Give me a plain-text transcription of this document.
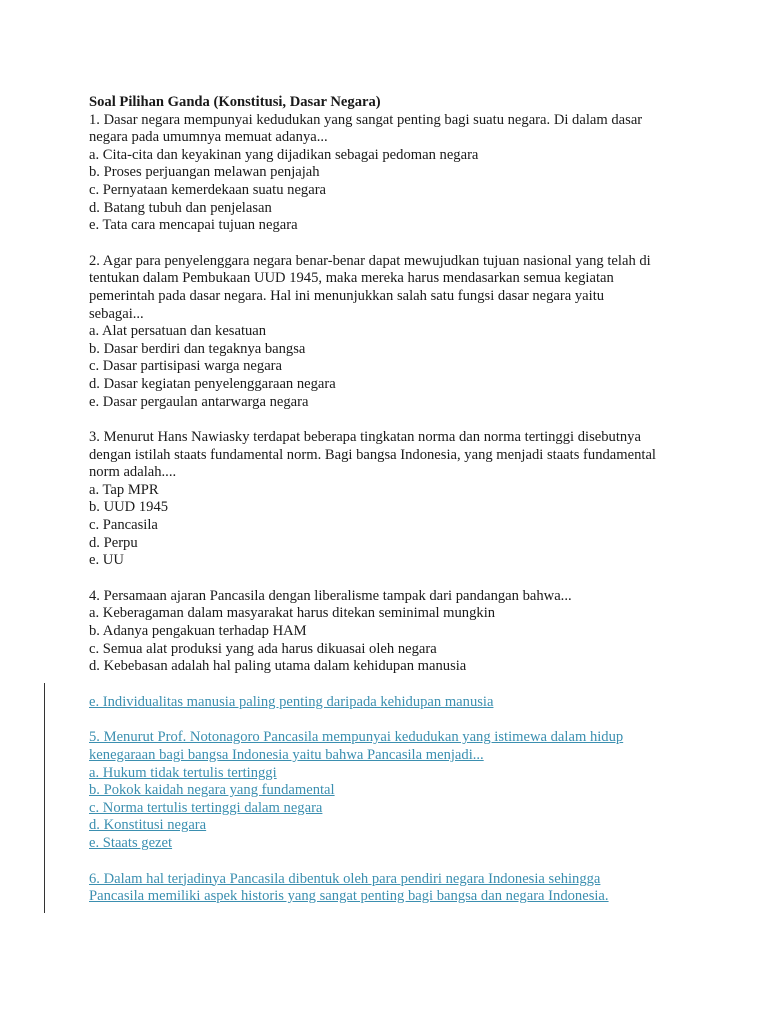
Soal Pilihan Ganda (Konstitusi, Dasar Negara)
1. Dasar negara mempunyai kedudukan yang sangat penting bagi suatu negara. Di dalam dasar
negara pada umumnya memuat adanya...
a. Cita-cita dan keyakinan yang dijadikan sebagai pedoman negara
b. Proses perjuangan melawan penjajah
c. Pernyataan kemerdekaan suatu negara
d. Batang tubuh dan penjelasan
e. Tata cara mencapai tujuan negara
2. Agar para penyelenggara negara benar-benar dapat mewujudkan tujuan nasional yang telah di
tentukan dalam Pembukaan UUD 1945, maka mereka harus mendasarkan semua kegiatan
pemerintah pada dasar negara. Hal ini menunjukkan salah satu fungsi dasar negara yaitu
sebagai...
a. Alat persatuan dan kesatuan
b. Dasar berdiri dan tegaknya bangsa
c. Dasar partisipasi warga negara
d. Dasar kegiatan penyelenggaraan negara
e. Dasar pergaulan antarwarga negara
3. Menurut Hans Nawiasky terdapat beberapa tingkatan norma dan norma tertinggi disebutnya
dengan istilah staats fundamental norm. Bagi bangsa Indonesia, yang menjadi staats fundamental
norm adalah....
a. Tap MPR
b. UUD 1945
c. Pancasila
d. Perpu
e. UU
4. Persamaan ajaran Pancasila dengan liberalisme tampak dari pandangan bahwa...
a. Keberagaman dalam masyarakat harus ditekan seminimal mungkin
b. Adanya pengakuan terhadap HAM
c. Semua alat produksi yang ada harus dikuasai oleh negara
d. Kebebasan adalah hal paling utama dalam kehidupan manusia
e. Individualitas manusia paling penting daripada kehidupan manusia
5. Menurut Prof. Notonagoro Pancasila mempunyai kedudukan yang istimewa dalam hidup
kenegaraan bagi bangsa Indonesia yaitu bahwa Pancasila menjadi...
a. Hukum tidak tertulis tertinggi
b. Pokok kaidah negara yang fundamental
c. Norma tertulis tertinggi dalam negara
d. Konstitusi negara
e. Staats gezet
6. Dalam hal terjadinya Pancasila dibentuk oleh para pendiri negara Indonesia sehingga
Pancasila memiliki aspek historis yang sangat penting bagi bangsa dan negara Indonesia.
